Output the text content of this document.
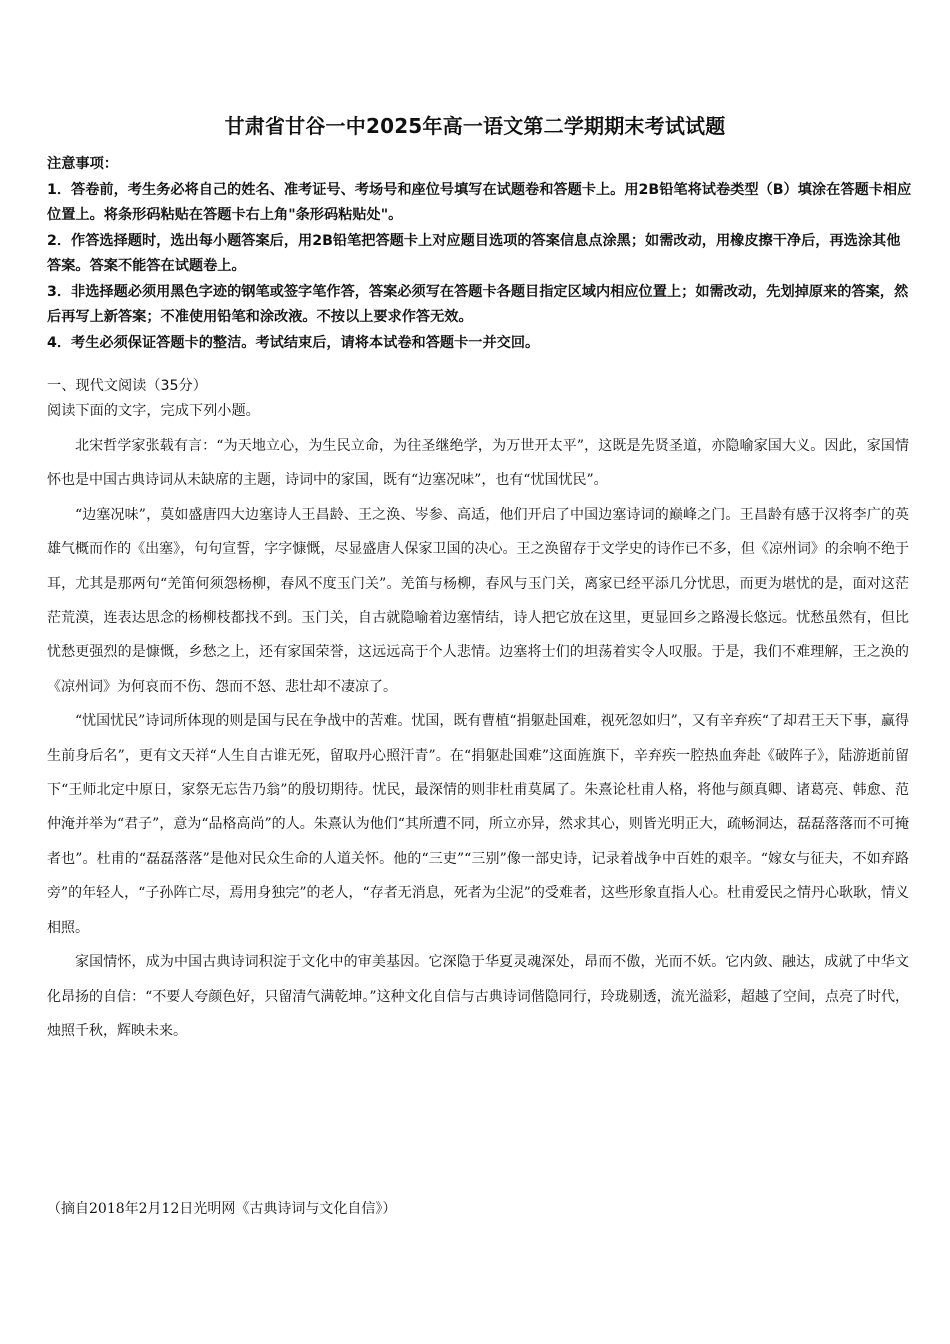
甘肃省甘谷一中2025年高一语文第二学期期末考试试题

注意事项：

1．答卷前，考生务必将自己的姓名、准考证号、考场号和座位号填写在试题卷和答题卡上。用2B铅笔将试卷类型（B）填涂在答题卡相应位置上。将条形码粘贴在答题卡右上角"条形码粘贴处"。

2．作答选择题时，选出每小题答案后，用2B铅笔把答题卡上对应题目选项的答案信息点涂黑；如需改动，用橡皮擦干净后，再选涂其他答案。答案不能答在试题卷上。

3．非选择题必须用黑色字迹的钢笔或签字笔作答，答案必须写在答题卡各题目指定区域内相应位置上；如需改动，先划掉原来的答案，然后再写上新答案；不准使用铅笔和涂改液。不按以上要求作答无效。

4．考生必须保证答题卡的整洁。考试结束后，请将本试卷和答题卡一并交回。

一、现代文阅读（35分）

阅读下面的文字，完成下列小题。

北宋哲学家张载有言：“为天地立心，为生民立命，为往圣继绝学，为万世开太平”，这既是先贤圣道，亦隐喻家国大义。因此，家国情怀也是中国古典诗词从未缺席的主题，诗词中的家国，既有“边塞况味”，也有“忧国忧民”。

“边塞况味”，莫如盛唐四大边塞诗人王昌龄、王之涣、岑参、高适，他们开启了中国边塞诗词的巅峰之门。王昌龄有感于汉将李广的英雄气概而作的《出塞》，句句宣誓，字字慷慨，尽显盛唐人保家卫国的决心。王之涣留存于文学史的诗作已不多，但《凉州词》的余响不绝于耳，尤其是那两句“羌笛何须怨杨柳，春风不度玉门关”。羌笛与杨柳，春风与玉门关，离家已经平添几分忧思，而更为堪忧的是，面对这茫茫荒漠，连表达思念的杨柳枝都找不到。玉门关，自古就隐喻着边塞情结，诗人把它放在这里，更显回乡之路漫长悠远。忧愁虽然有，但比忧愁更强烈的是慷慨，乡愁之上，还有家国荣誉，这远远高于个人悲情。边塞将士们的坦荡着实令人叹服。于是，我们不难理解，王之涣的《凉州词》为何哀而不伤、怨而不怒、悲壮却不凄凉了。

“忧国忧民”诗词所体现的则是国与民在争战中的苦难。忧国，既有曹植“捐躯赴国难，视死忽如归”，又有辛弃疾“了却君王天下事，赢得生前身后名”，更有文天祥“人生自古谁无死，留取丹心照汗青”。在“捐躯赴国难”这面旌旗下，辛弃疾一腔热血奔赴《破阵子》，陆游逝前留下“王师北定中原日，家祭无忘告乃翁”的殷切期待。忧民，最深情的则非杜甫莫属了。朱熹论杜甫人格，将他与颜真卿、诸葛亮、韩愈、范仲淹并举为“君子”，意为“品格高尚”的人。朱熹认为他们“其所遭不同，所立亦异，然求其心，则皆光明正大，疏畅洞达，磊磊落落而不可掩者也”。杜甫的“磊磊落落”是他对民众生命的人道关怀。他的“三吏”“三别”像一部史诗，记录着战争中百姓的艰辛。“嫁女与征夫，不如弃路旁”的年轻人，“子孙阵亡尽，焉用身独完”的老人，“存者无消息，死者为尘泥”的受难者，这些形象直指人心。杜甫爱民之情丹心耿耿，情义相照。

家国情怀，成为中国古典诗词积淀于文化中的审美基因。它深隐于华夏灵魂深处，昂而不傲，光而不妖。它内敛、融达，成就了中华文化昂扬的自信：“不要人夸颜色好，只留清气满乾坤。”这种文化自信与古典诗词偕隐同行，玲珑剔透，流光溢彩，超越了空间，点亮了时代，烛照千秋，辉映未来。

（摘自2018年2月12日光明网《古典诗词与文化自信》）
